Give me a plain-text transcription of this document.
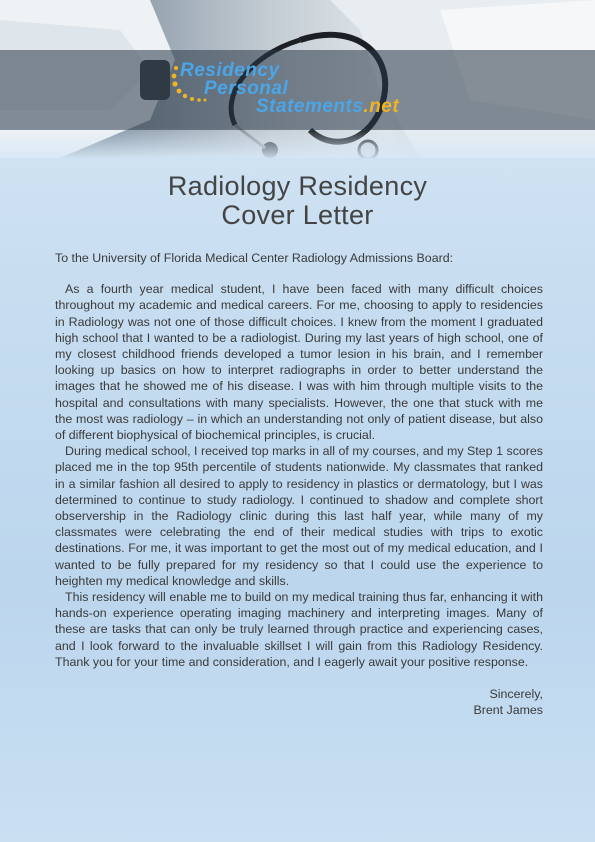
Residency
Personal
Statements.net
Radiology Residency
Cover Letter

To the University of Florida Medical Center Radiology Admissions Board:

As a fourth year medical student, I have been faced with many difficult choices throughout my academic and medical careers. For me, choosing to apply to residencies in Radiology was not one of those difficult choices. I knew from the moment I graduated high school that I wanted to be a radiologist. During my last years of high school, one of my closest childhood friends developed a tumor lesion in his brain, and I remember looking up basics on how to interpret radiographs in order to better understand the images that he showed me of his disease. I was with him through multiple visits to the hospital and consultations with many specialists. However, the one that stuck with me the most was radiology – in which an understanding not only of patient disease, but also of different biophysical of biochemical principles, is crucial.

During medical school, I received top marks in all of my courses, and my Step 1 scores placed me in the top 95th percentile of students nationwide. My classmates that ranked in a similar fashion all desired to apply to residency in plastics or dermatology, but I was determined to continue to study radiology. I continued to shadow and complete short observership in the Radiology clinic during this last half year, while many of my classmates were celebrating the end of their medical studies with trips to exotic destinations. For me, it was important to get the most out of my medical education, and I wanted to be fully prepared for my residency so that I could use the experience to heighten my medical knowledge and skills.

This residency will enable me to build on my medical training thus far, enhancing it with hands-on experience operating imaging machinery and interpreting images. Many of these are tasks that can only be truly learned through practice and experiencing cases, and I look forward to the invaluable skillset I will gain from this Radiology Residency. Thank you for your time and consideration, and I eagerly await your positive response.

Sincerely,
Brent James
